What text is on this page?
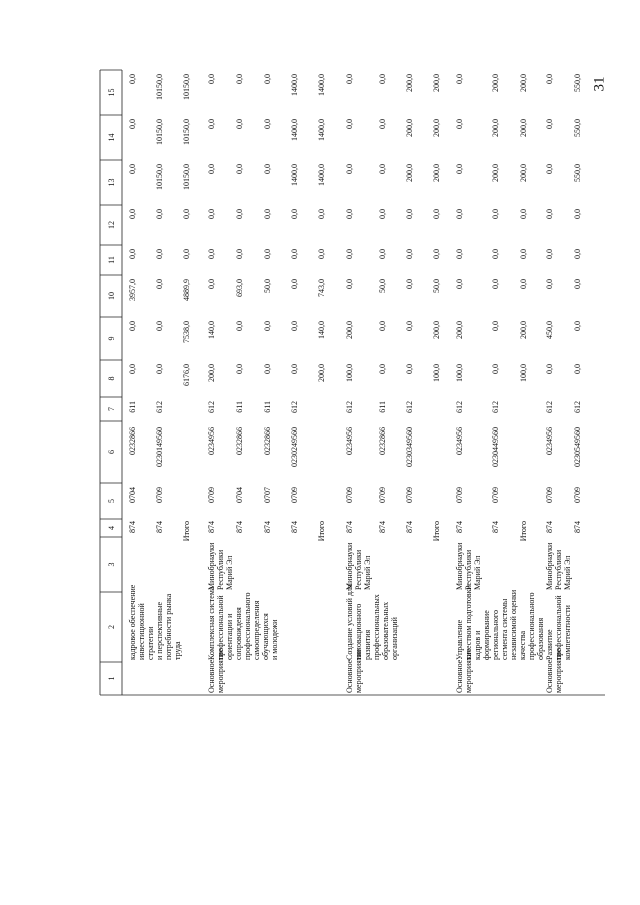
31
1
2
3
4
5
6
7
8
9
10
11
12
13
14
15
кадровое обеспечение инвестиционной стратегии и перспективные потребности рынка труда
874
0704
0232866
611
0,0
0,0
3957,0
0,0
0,0
0,0
0,0
0,0
874
0709
0230149560
612
0,0
0,0
0,0
0,0
0,0
10150,0
10150,0
10150,0
Итого
6176,0
7538,0
4889,9
0,0
0,0
10150,0
10150,0
10150,0
Основное мероприятие
Комплексная система профессиональной ориентации и сопровождения профессионального самоопределения обучающихся и молодежи
Минобрнауки Республики Марий Эл
874
0709
0234956
612
200,0
140,0
0,0
0,0
0,0
0,0
0,0
0,0
874
0704
0232866
611
0,0
0,0
693,0
0,0
0,0
0,0
0,0
0,0
874
0707
0232866
611
0,0
0,0
50,0
0,0
0,0
0,0
0,0
0,0
874
0709
0230249560
612
0,0
0,0
0,0
0,0
0,0
1400,0
1400,0
1400,0
Итого
200,0
140,0
743,0
0,0
0,0
1400,0
1400,0
1400,0
Основное мероприятие
Создание условий для инновационного развития профессиональных образовательных организаций
Минобрнауки Республики Марий Эл
874
0709
0234956
612
100,0
200,0
0,0
0,0
0,0
0,0
0,0
0,0
874
0709
0232866
611
0,0
0,0
50,0
0,0
0,0
0,0
0,0
0,0
874
0709
0230349560
612
0,0
0,0
0,0
0,0
0,0
200,0
200,0
200,0
Итого
100,0
200,0
50,0
0,0
0,0
200,0
200,0
200,0
Основное мероприятие
Управление качеством подготовки кадров и формирование регионального сегмента системы независимой оценки качества профессионального образования
Минобрнауки Республики Марий Эл
874
0709
0234956
612
100,0
200,0
0,0
0,0
0,0
0,0
0,0
0,0
874
0709
0230449560
612
0,0
0,0
0,0
0,0
0,0
200,0
200,0
200,0
Итого
100,0
200,0
0,0
0,0
0,0
200,0
200,0
200,0
Основное мероприятие
Развитие профессиональной компетентности
Минобрнауки Республики Марий Эл
874
0709
0234956
612
0,0
450,0
0,0
0,0
0,0
0,0
0,0
0,0
874
0709
0230549560
612
0,0
0,0
0,0
0,0
0,0
550,0
550,0
550,0
